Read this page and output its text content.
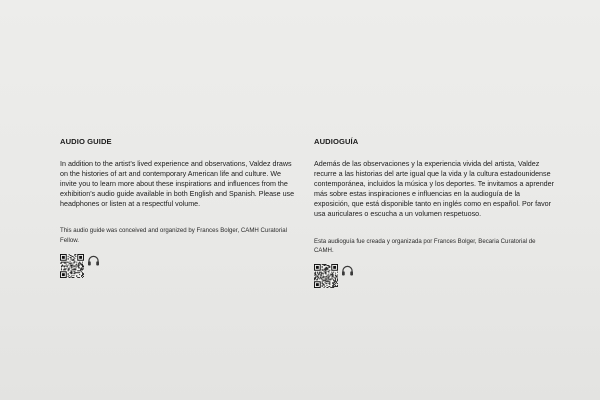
AUDIO GUIDE

In addition to the artist’s lived experience and observations, Valdez draws on the histories of art and contemporary American life and culture. We invite you to learn more about these inspirations and influences from the exhibition’s audio guide available in both English and Spanish. Please use headphones or listen at a respectful volume.

This audio guide was conceived and organized by Frances Bolger, CAMH Curatorial Fellow.

AUDIOGUÍA

Además de las observaciones y la experiencia vivida del artista, Valdez recurre a las historias del arte igual que la vida y la cultura estadounidense contemporánea, incluidos la música y los deportes. Te invitamos a aprender más sobre estas inspiraciones e influencias en la audioguía de la exposición, que está disponible tanto en inglés como en español. Por favor usa auriculares o escucha a un volumen respetuoso.

Esta audioguía fue creada y organizada por Frances Bolger, Becaria Curatorial de CAMH.
